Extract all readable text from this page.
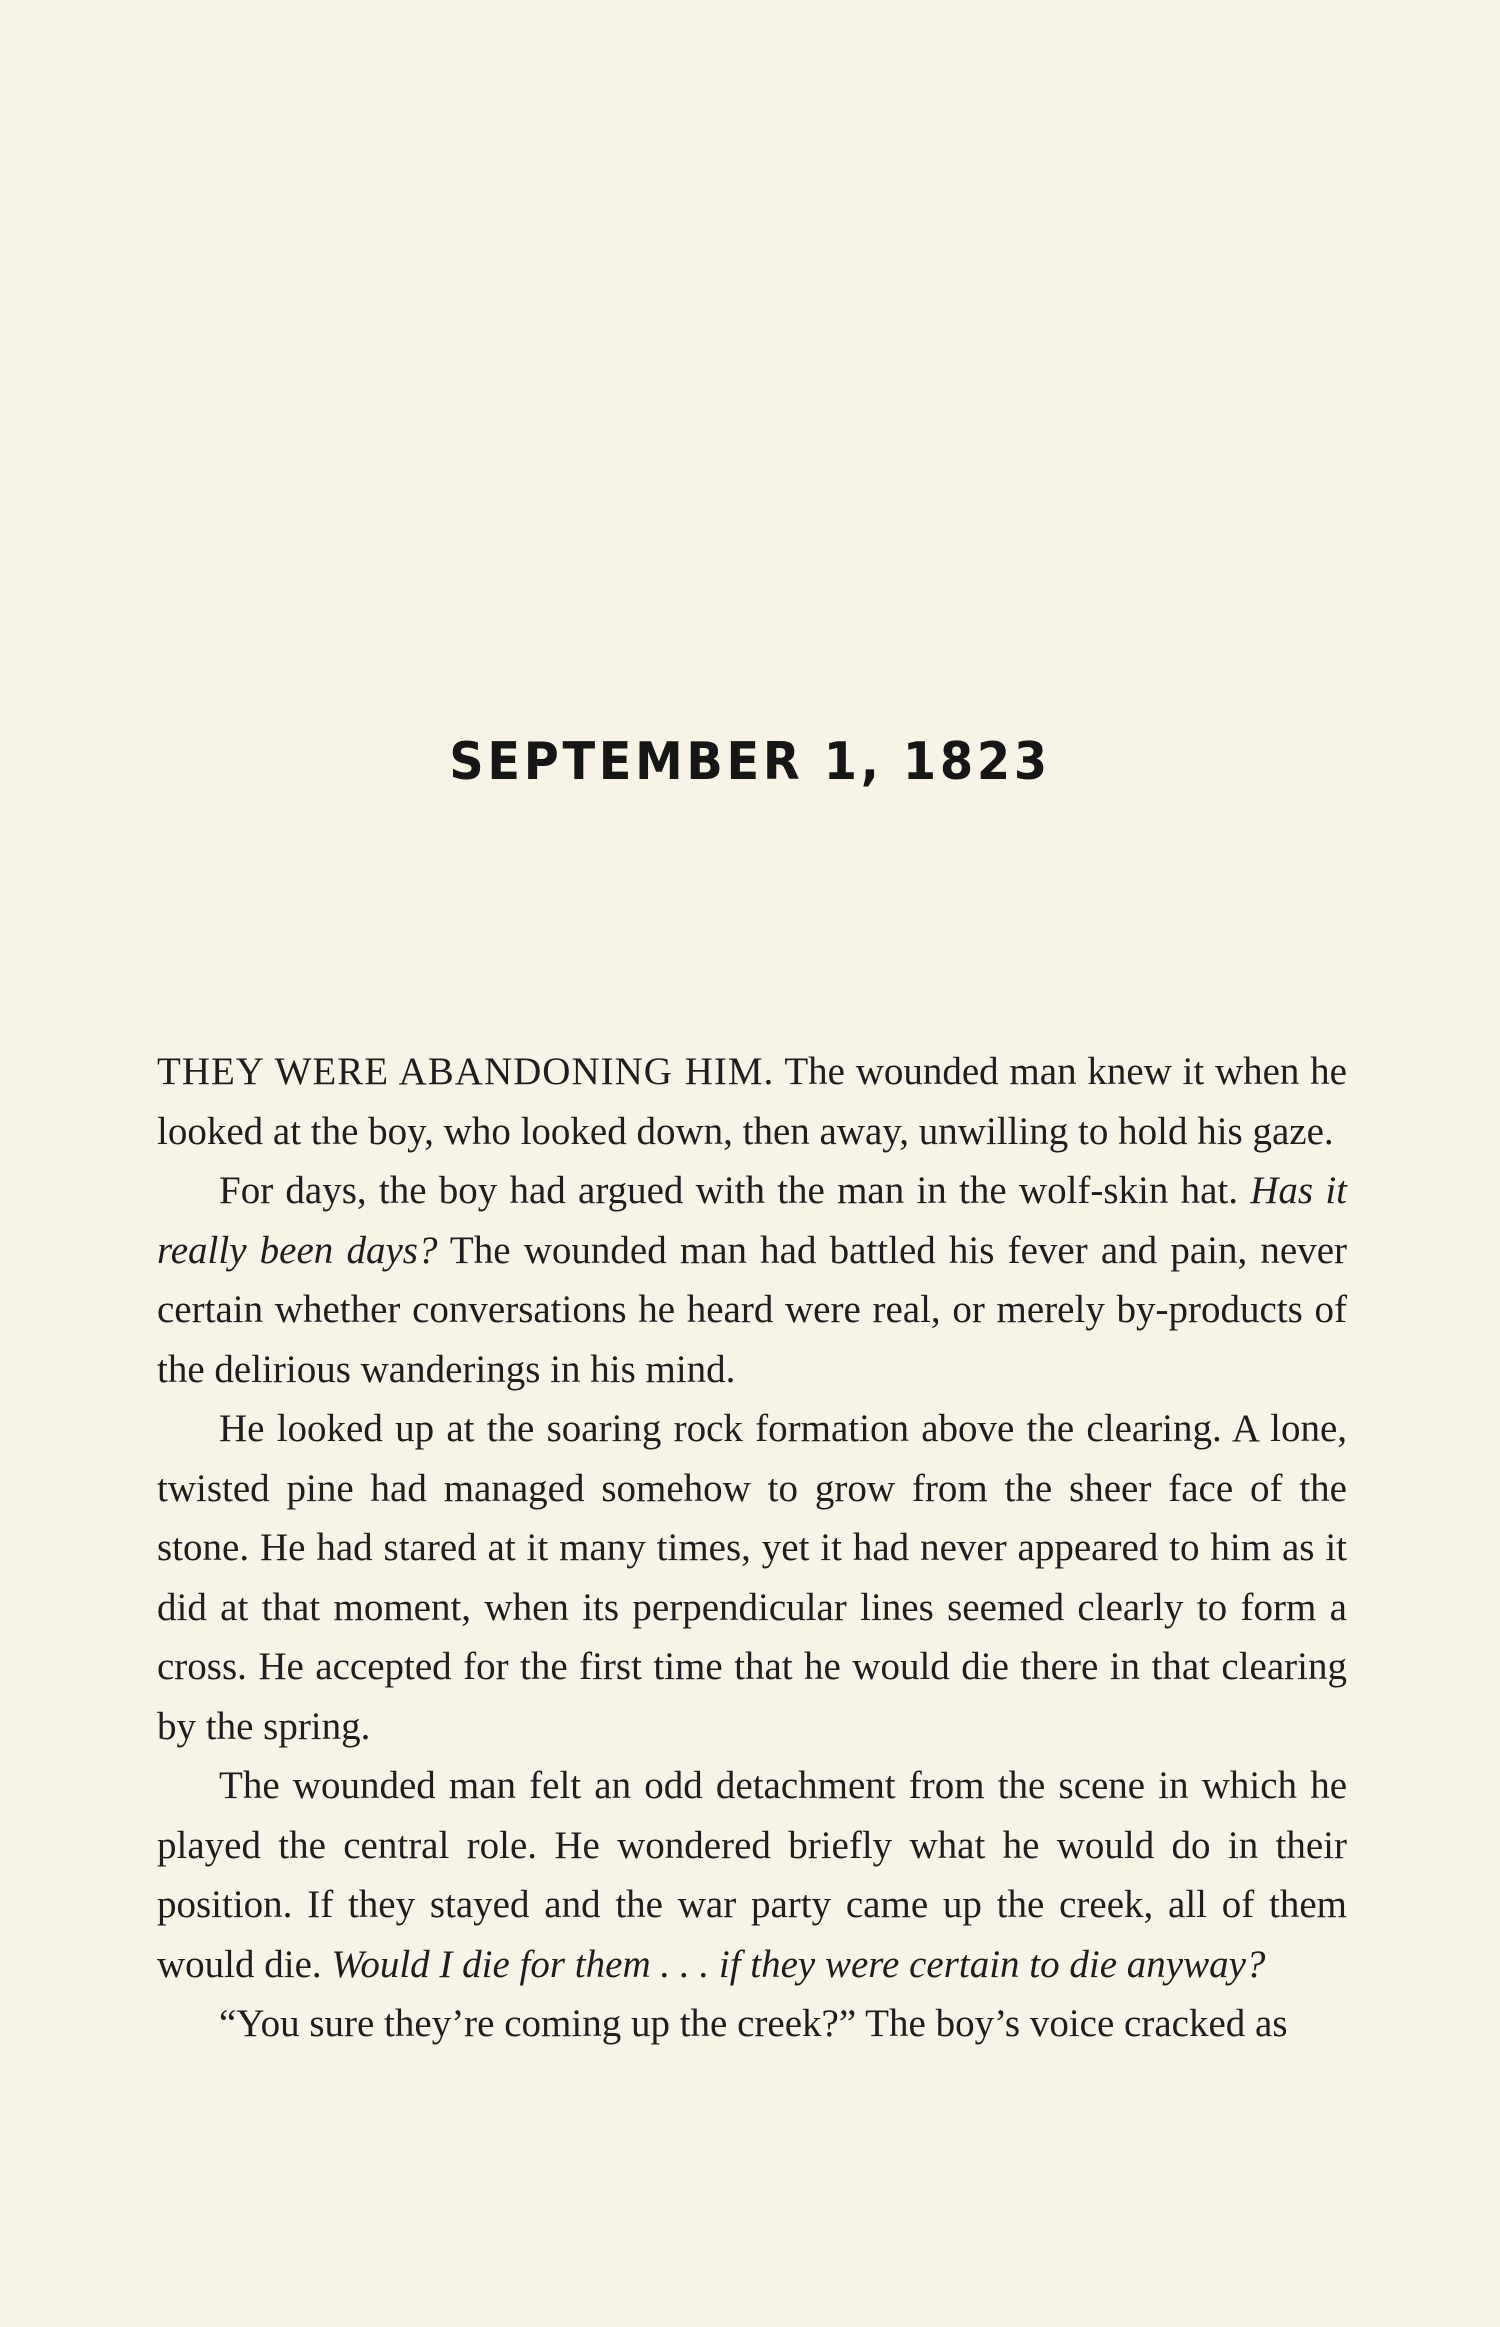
SEPTEMBER 1, 1823

THEY WERE ABANDONING HIM. The wounded man knew it when he looked at the boy, who looked down, then away, unwilling to hold his gaze.

For days, the boy had argued with the man in the wolf-skin hat. Has it really been days? The wounded man had battled his fever and pain, never certain whether conversations he heard were real, or merely by-products of the delirious wanderings in his mind.

He looked up at the soaring rock formation above the clearing. A lone, twisted pine had managed somehow to grow from the sheer face of the stone. He had stared at it many times, yet it had never appeared to him as it did at that moment, when its perpendicular lines seemed clearly to form a cross. He accepted for the first time that he would die there in that clearing by the spring.

The wounded man felt an odd detachment from the scene in which he played the central role. He wondered briefly what he would do in their position. If they stayed and the war party came up the creek, all of them would die. Would I die for them . . . if they were certain to die anyway?

“You sure they’re coming up the creek?” The boy’s voice cracked as
